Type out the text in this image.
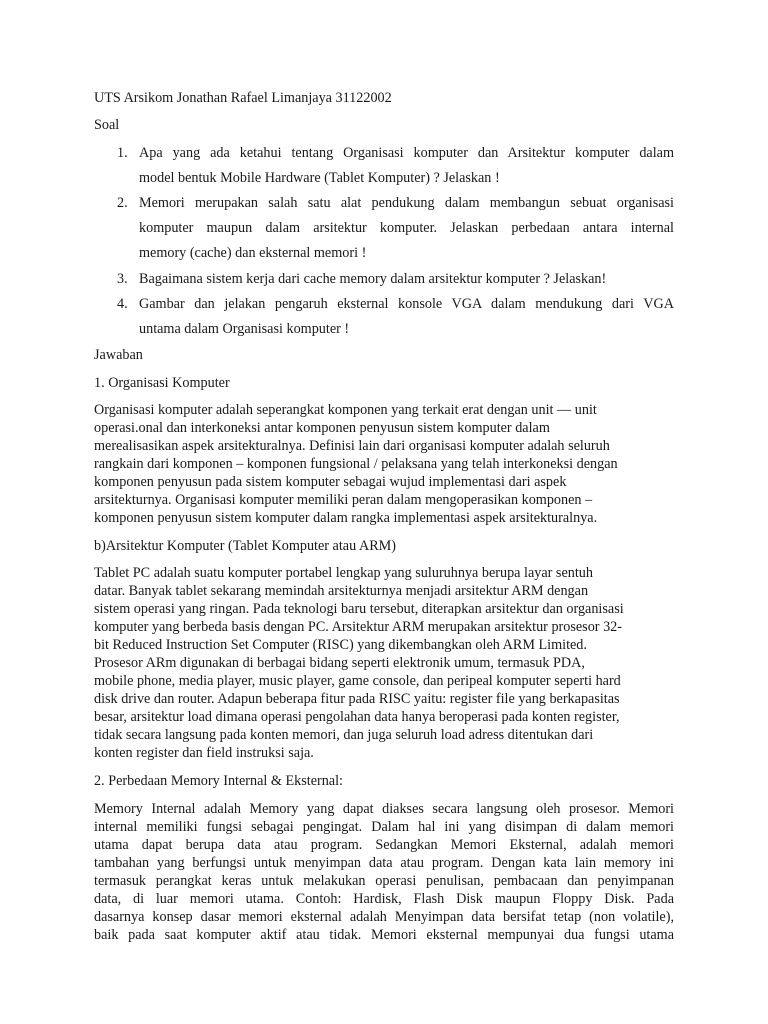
UTS Arsikom Jonathan Rafael Limanjaya 31122002

Soal

1. Apa yang ada ketahui tentang Organisasi komputer dan Arsitektur komputer dalam

model bentuk Mobile Hardware (Tablet Komputer) ? Jelaskan !

2. Memori merupakan salah satu alat pendukung dalam membangun sebuat organisasi

komputer maupun dalam arsitektur komputer. Jelaskan perbedaan antara internal

memory (cache) dan eksternal memori !

3. Bagaimana sistem kerja dari cache memory dalam arsitektur komputer ? Jelaskan!

4. Gambar dan jelakan pengaruh eksternal konsole VGA dalam mendukung dari VGA

untama dalam Organisasi komputer !

Jawaban

1. Organisasi Komputer

Organisasi komputer adalah seperangkat komponen yang terkait erat dengan unit — unit

operasi.onal dan interkoneksi antar komponen penyusun sistem komputer dalam

merealisasikan aspek arsitekturalnya. Definisi lain dari organisasi komputer adalah seluruh

rangkain dari komponen – komponen fungsional / pelaksana yang telah interkoneksi dengan

komponen penyusun pada sistem komputer sebagai wujud implementasi dari aspek

arsitekturnya. Organisasi komputer memiliki peran dalam mengoperasikan komponen –

komponen penyusun sistem komputer dalam rangka implementasi aspek arsitekturalnya.

b)Arsitektur Komputer (Tablet Komputer atau ARM)

Tablet PC adalah suatu komputer portabel lengkap yang suluruhnya berupa layar sentuh

datar. Banyak tablet sekarang memindah arsitekturnya menjadi arsitektur ARM dengan

sistem operasi yang ringan. Pada teknologi baru tersebut, diterapkan arsitektur dan organisasi

komputer yang berbeda basis dengan PC. Arsitektur ARM merupakan arsitektur prosesor 32-

bit Reduced Instruction Set Computer (RISC) yang dikembangkan oleh ARM Limited.

Prosesor ARm digunakan di berbagai bidang seperti elektronik umum, termasuk PDA,

mobile phone, media player, music player, game console, dan peripeal komputer seperti hard

disk drive dan router. Adapun beberapa fitur pada RISC yaitu: register file yang berkapasitas

besar, arsitektur load dimana operasi pengolahan data hanya beroperasi pada konten register,

tidak secara langsung pada konten memori, dan juga seluruh load adress ditentukan dari

konten register dan field instruksi saja.

2. Perbedaan Memory Internal & Eksternal:

Memory Internal adalah Memory yang dapat diakses secara langsung oleh prosesor. Memori

internal memiliki fungsi sebagai pengingat. Dalam hal ini yang disimpan di dalam memori

utama dapat berupa data atau program. Sedangkan Memori Eksternal, adalah memori

tambahan yang berfungsi untuk menyimpan data atau program. Dengan kata lain memory ini

termasuk perangkat keras untuk melakukan operasi penulisan, pembacaan dan penyimpanan

data, di luar memori utama. Contoh: Hardisk, Flash Disk maupun Floppy Disk. Pada

dasarnya konsep dasar memori eksternal adalah Menyimpan data bersifat tetap (non volatile),

baik pada saat komputer aktif atau tidak. Memori eksternal mempunyai dua fungsi utama
